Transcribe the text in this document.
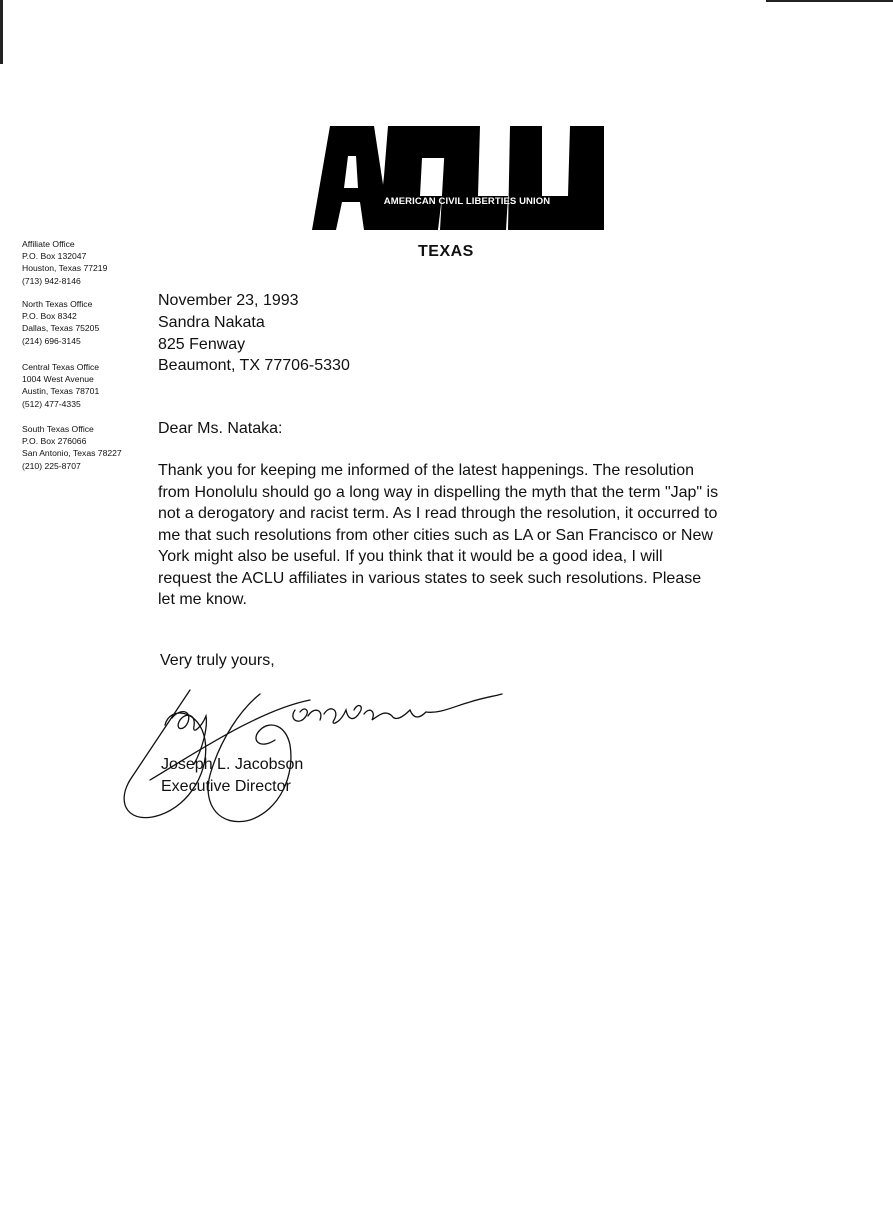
AMERICAN CIVIL LIBERTIES UNION
TEXAS
Affiliate Office
P.O. Box 132047
Houston, Texas 77219
(713) 942-8146
North Texas Office
P.O. Box 8342
Dallas, Texas 75205
(214) 696-3145
Central Texas Office
1004 West Avenue
Austin, Texas 78701
(512) 477-4335
South Texas Office
P.O. Box 276066
San Antonio, Texas 78227
(210) 225-8707
November 23, 1993
Sandra Nakata
825 Fenway
Beaumont, TX 77706-5330
Dear Ms. Nataka:
Thank you for keeping me informed of the latest happenings. The resolution
from Honolulu should go a long way in dispelling the myth that the term "Jap" is
not a derogatory and racist term. As I read through the resolution, it occurred to
me that such resolutions from other cities such as LA or San Francisco or New
York might also be useful. If you think that it would be a good idea, I will
request the ACLU affiliates in various states to seek such resolutions. Please
let me know.
Very truly yours,
Joseph L. Jacobson
Executive Director
